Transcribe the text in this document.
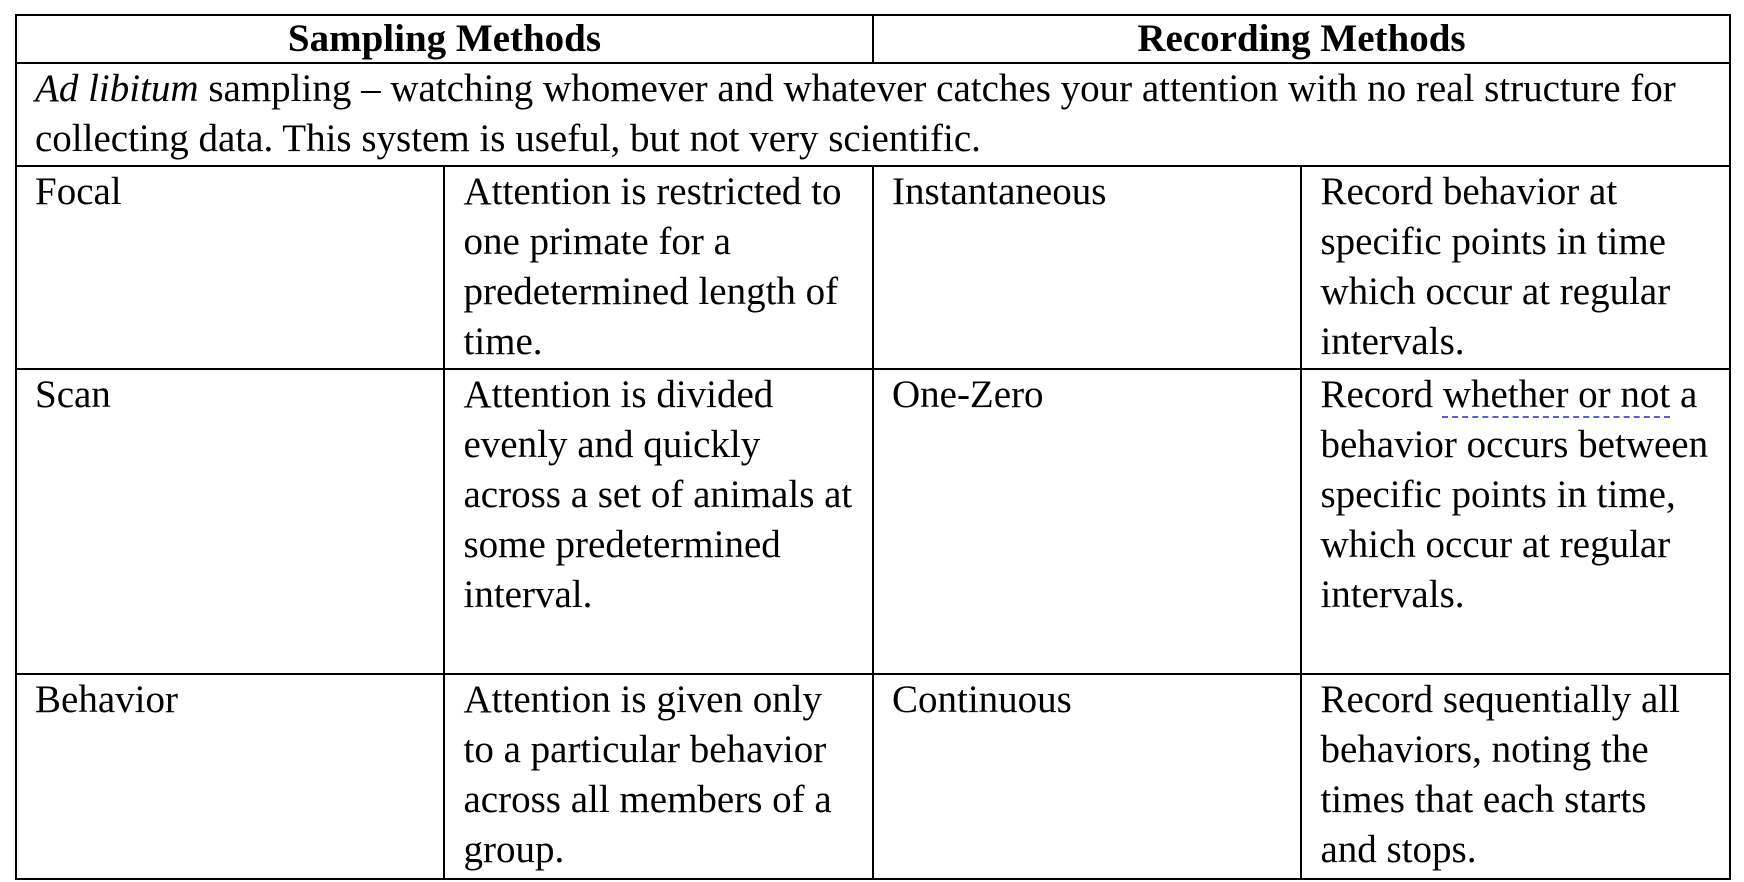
Sampling Methods		Recording Methods	
Ad libitum sampling – watching whomever and whatever catches your attention with no real structure for collecting data. This system is useful, but not very scientific.			
Focal	Attention is restricted to one primate for a predetermined length of time.	Instantaneous	Record behavior at specific points in time which occur at regular intervals.
Scan	Attention is divided evenly and quickly across a set of animals at some predetermined interval.	One-Zero	Record whether or not a behavior occurs between specific points in time, which occur at regular intervals.
Behavior	Attention is given only to a particular behavior across all members of a group.	Continuous	Record sequentially all behaviors, noting the times that each starts and stops.
